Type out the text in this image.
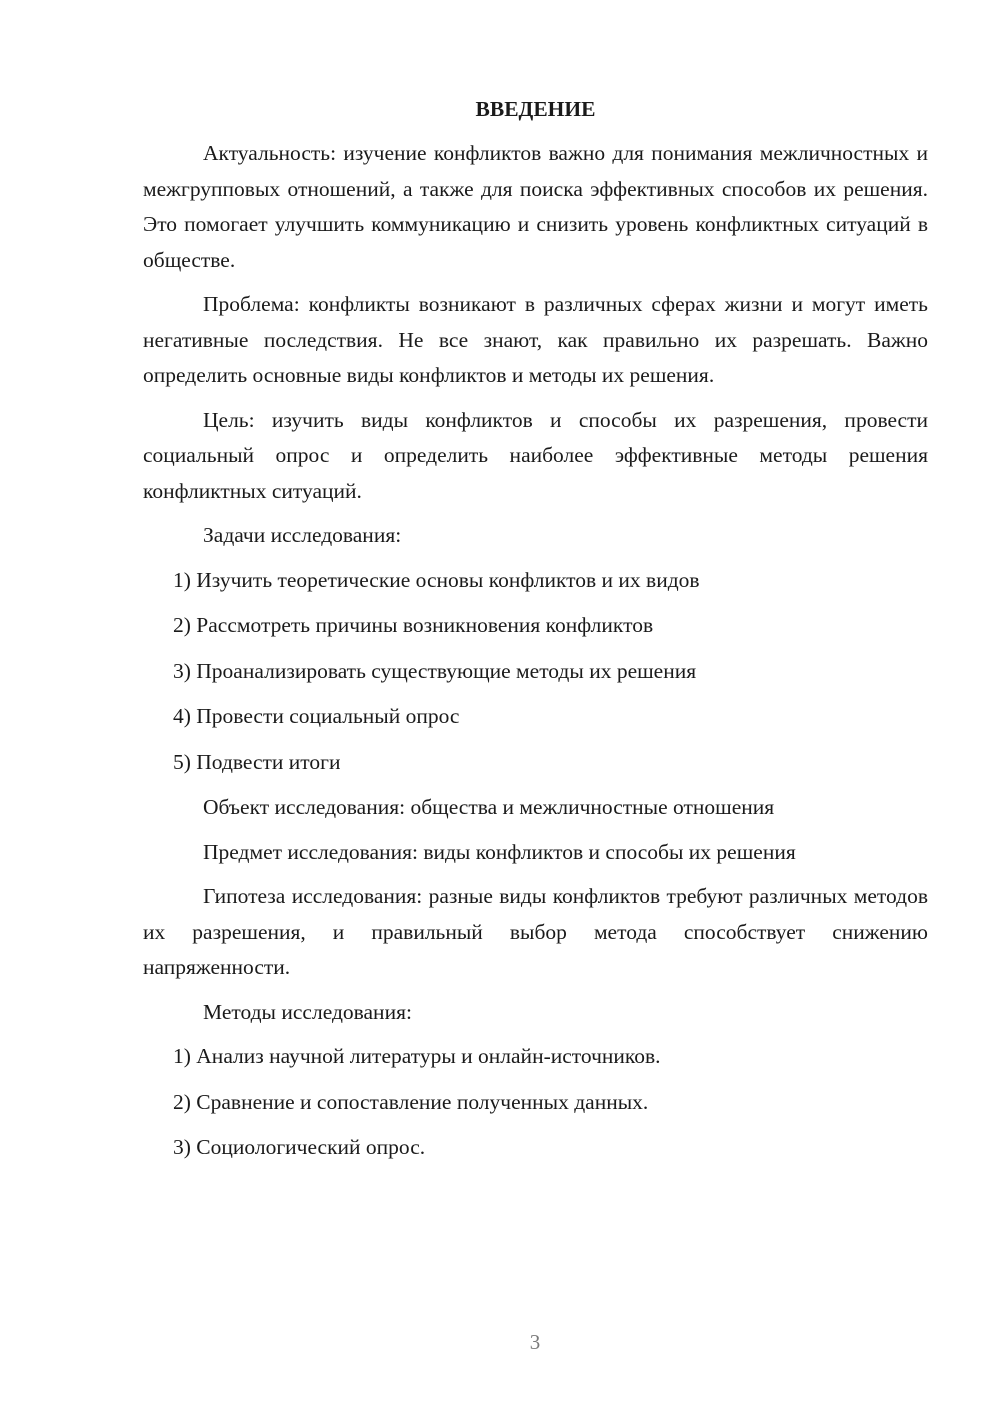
ВВЕДЕНИЕ

Актуальность: изучение конфликтов важно для понимания межличностных и межгрупповых отношений, а также для поиска эффективных способов их решения. Это помогает улучшить коммуникацию и снизить уровень конфликтных ситуаций в обществе.

Проблема: конфликты возникают в различных сферах жизни и могут иметь негативные последствия. Не все знают, как правильно их разрешать. Важно определить основные виды конфликтов и методы их решения.

Цель: изучить виды конфликтов и способы их разрешения, провести социальный опрос и определить наиболее эффективные методы решения конфликтных ситуаций.

Задачи исследования:
1) Изучить теоретические основы конфликтов и их видов
2) Рассмотреть причины возникновения конфликтов
3) Проанализировать существующие методы их решения
4) Провести социальный опрос
5) Подвести итоги
Объект исследования: общества и межличностные отношения
Предмет исследования: виды конфликтов и способы их решения

Гипотеза исследования: разные виды конфликтов требуют различных методов их разрешения, и правильный выбор метода способствует снижению напряженности.

Методы исследования:
1) Анализ научной литературы и онлайн-источников.
2) Сравнение и сопоставление полученных данных.
3) Социологический опрос.
3
